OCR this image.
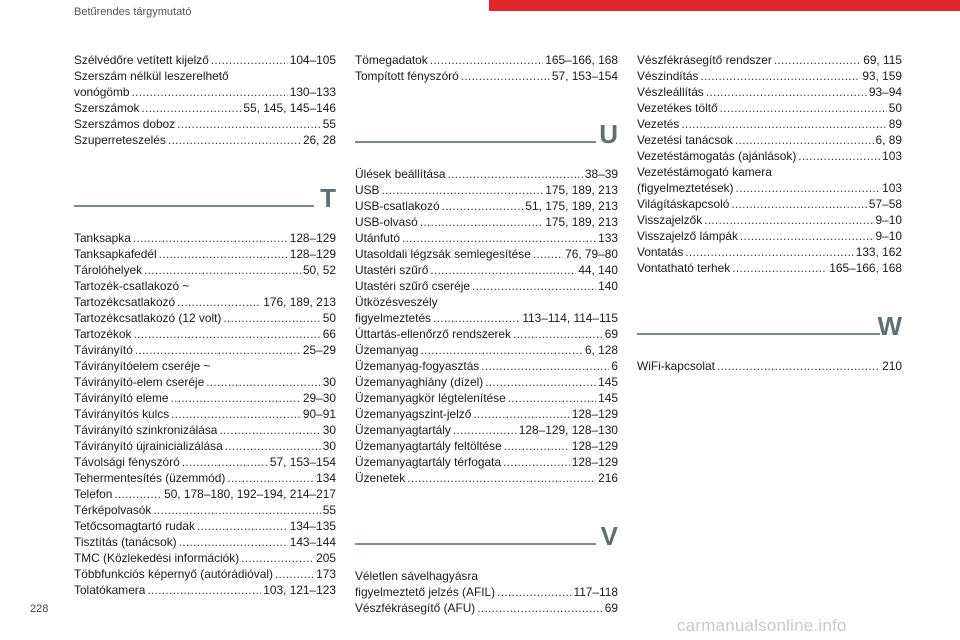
Betűrendes tárgymutató
Szélvédőre vetített kijelző .....	104–105
Szerszám nélkül leszerelhető
vonógömb .....	130–133
Szerszámok .....	55, 145, 145–146
Szerszámos doboz .....	55
Szuperreteszelés .....	26, 28
T
Tanksapka .....	128–129
Tanksapkafedél .....	128–129
Tárolóhelyek .....	50, 52
Tartozék-csatlakozó ~
Tartozékcsatlakozó .....	176, 189, 213
Tartozékcsatlakozó (12 volt) .....	50
Tartozékok .....	66
Távirányító .....	25–29
Távirányítóelem cseréje ~
Távirányító-elem cseréje .....	30
Távirányító eleme .....	29–30
Távirányítós kulcs .....	90–91
Távirányító szinkronizálása .....	30
Távirányító újrainicializálása .....	30
Távolsági fényszóró .....	57, 153–154
Tehermentesítés (üzemmód) .....	134
Telefon .....	50, 178–180, 192–194, 214–217
Térképolvasók .....	55
Tetőcsomagtartó rudak .....	134–135
Tisztítás (tanácsok) .....	143–144
TMC (Közlekedési információk) .....	205
Többfunkciós képernyő (autórádióval) .....	173
Tolatókamera .....	103, 121–123
Tömegadatok .....	165–166, 168
Tompított fényszóró .....	57, 153–154
U
Ülések beállítása .....	38–39
USB .....	175, 189, 213
USB-csatlakozó .....	51, 175, 189, 213
USB-olvasó .....	175, 189, 213
Utánfutó .....	133
Utasoldali légzsák semlegesítése .....	76, 79–80
Utastéri szűrő .....	44, 140
Utastéri szűrő cseréje .....	140
Ütközésveszély
figyelmeztetés .....	113–114, 114–115
Úttartás-ellenőrző rendszerek .....	69
Üzemanyag .....	6, 128
Üzemanyag-fogyasztás .....	6
Üzemanyaghiány (dízel) .....	145
Üzemanyagkör légtelenítése .....	145
Üzemanyagszint-jelző .....	128–129
Üzemanyagtartály .....	128–129, 128–130
Üzemanyagtartály feltöltése .....	128–129
Üzemanyagtartály térfogata .....	128–129
Üzenetek .....	216
V
Véletlen sávelhagyásra
figyelmeztető jelzés (AFIL) .....	117–118
Vészfékrásegítő (AFU) .....	69
Vészfékrásegítő rendszer .....	69, 115
Vészindítás .....	93, 159
Vészleállítás .....	93–94
Vezetékes töltő .....	50
Vezetés .....	89
Vezetési tanácsok .....	6, 89
Vezetéstámogatás (ajánlások) .....	103
Vezetéstámogató kamera
(figyelmeztetések) .....	103
Világításkapcsoló .....	57–58
Visszajelzők .....	9–10
Visszajelző lámpák .....	9–10
Vontatás .....	133, 162
Vontatható terhek .....	165–166, 168
W
WiFi-kapcsolat .....	210
228
carmanualsonline.info
